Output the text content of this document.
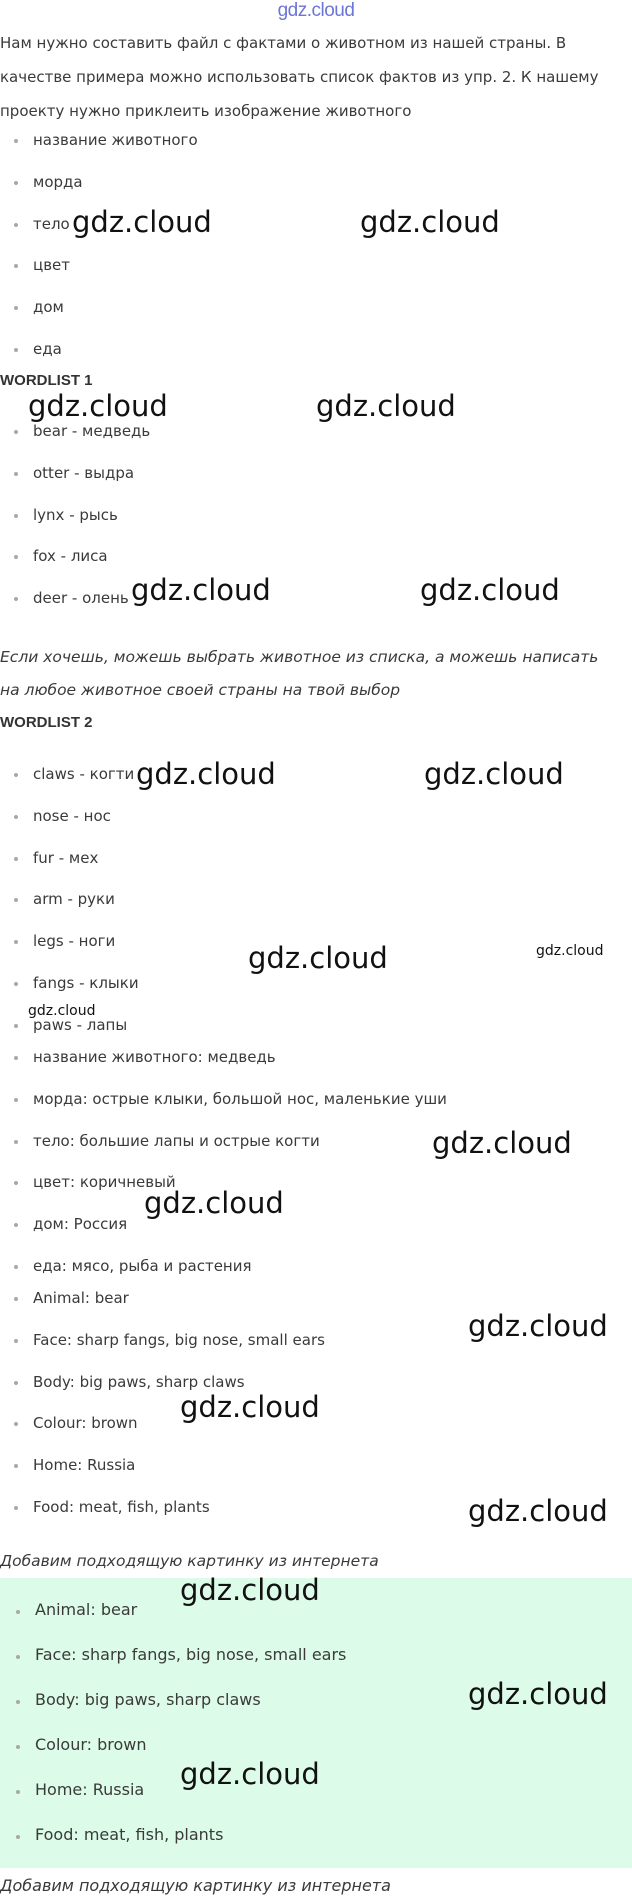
gdz.cloud
Нам нужно составить файл с фактами о животном из нашей страны. В качестве примера можно использовать список фактов из упр. 2. К нашему проекту нужно приклеить изображение животного
название животного
морда
тело
цвет
дом
еда
WORDLIST 1
bear - медведь
otter - выдра
lynx - рысь
fox - лиса
deer - олень
Если хочешь, можешь выбрать животное из списка, а можешь написать на любое животное своей страны на твой выбор
WORDLIST 2
claws - когти
nose - нос
fur - мех
arm - руки
legs - ноги
fangs - клыки
paws - лапы
название животного: медведь
морда: острые клыки, большой нос, маленькие уши
тело: большие лапы и острые когти
цвет: коричневый
дом: Россия
еда: мясо, рыба и растения
Animal: bear
Face: sharp fangs, big nose, small ears
Body: big paws, sharp claws
Colour: brown
Home: Russia
Food: meat, fish, plants
Добавим подходящую картинку из интернета
Animal: bear
Face: sharp fangs, big nose, small ears
Body: big paws, sharp claws
Colour: brown
Home: Russia
Food: meat, fish, plants
Добавим подходящую картинку из интернета
gdz.cloud	gdz.cloud
gdz.cloud	gdz.cloud
gdz.cloud	gdz.cloud
gdz.cloud	gdz.cloud
gdz.cloud	gdz.cloud
gdz.cloud
gdz.cloud
gdz.cloud
gdz.cloud
gdz.cloud
gdz.cloud
gdz.cloud
gdz.cloud
gdz.cloud
